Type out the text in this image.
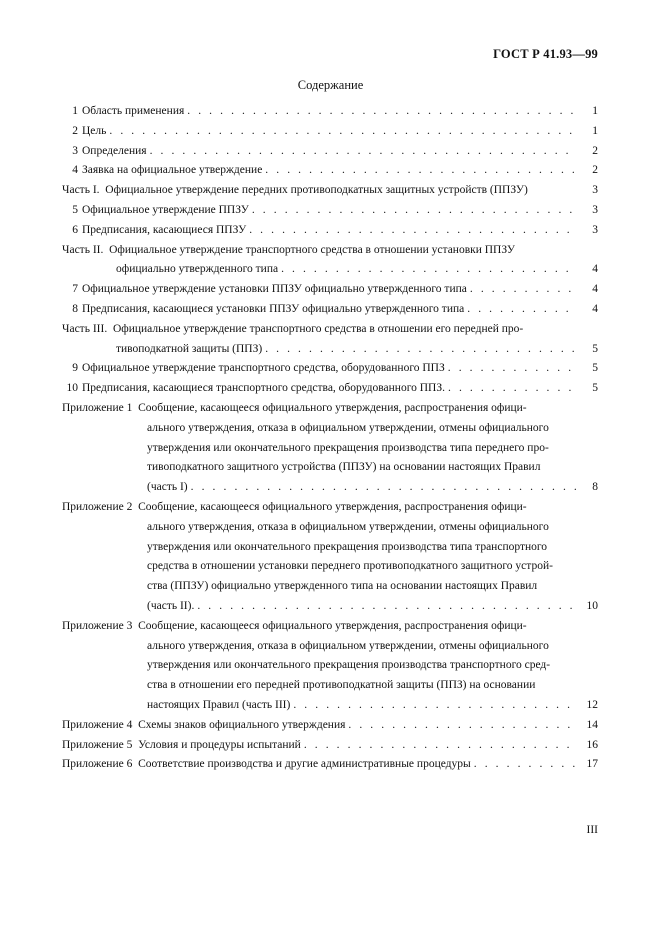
ГОСТ Р 41.93—99
Содержание
1 Область применения . . .	1
2 Цель . . .	1
3 Определения . . .	2
4 Заявка на официальное утверждение . . .	2
Часть I. Официальное утверждение передних противоподкатных защитных устройств (ППЗУ)	3
5 Официальное утверждение ППЗУ . . .	3
6 Предписания, касающиеся ППЗУ . . .	3
Часть II. Официальное утверждение транспортного средства в отношении установки ППЗУ
официально утвержденного типа . . .	4
7 Официальное утверждение установки ППЗУ официально утвержденного типа . . .	4
8 Предписания, касающиеся установки ППЗУ официально утвержденного типа . . .	4
Часть III. Официальное утверждение транспортного средства в отношении его передней про-
тивоподкатной защиты (ППЗ) . . .	5
9 Официальное утверждение транспортного средства, оборудованного ППЗ . . .	5
10 Предписания, касающиеся транспортного средства, оборудованного ППЗ. . . .	5
Приложение 1 Сообщение, касающееся официального утверждения, распространения офици-
ального утверждения, отказа в официальном утверждении, отмены официального
утверждения или окончательного прекращения производства типа переднего про-
тивоподкатного защитного устройства (ППЗУ) на основании настоящих Правил
(часть I) . . .	8
Приложение 2 Сообщение, касающееся официального утверждения, распространения офици-
ального утверждения, отказа в официальном утверждении, отмены официального
утверждения или окончательного прекращения производства типа транспортного
средства в отношении установки переднего противоподкатного защитного устрой-
ства (ППЗУ) официально утвержденного типа на основании настоящих Правил
(часть II). . . .	10
Приложение 3 Сообщение, касающееся официального утверждения, распространения офици-
ального утверждения, отказа в официальном утверждении, отмены официального
утверждения или окончательного прекращения производства транспортного сред-
ства в отношении его передней противоподкатной защиты (ППЗ) на основании
настоящих Правил (часть III) . . .	12
Приложение 4 Схемы знаков официального утверждения . . .	14
Приложение 5 Условия и процедуры испытаний . . .	16
Приложение 6 Соответствие производства и другие административные процедуры . . .	17
III
